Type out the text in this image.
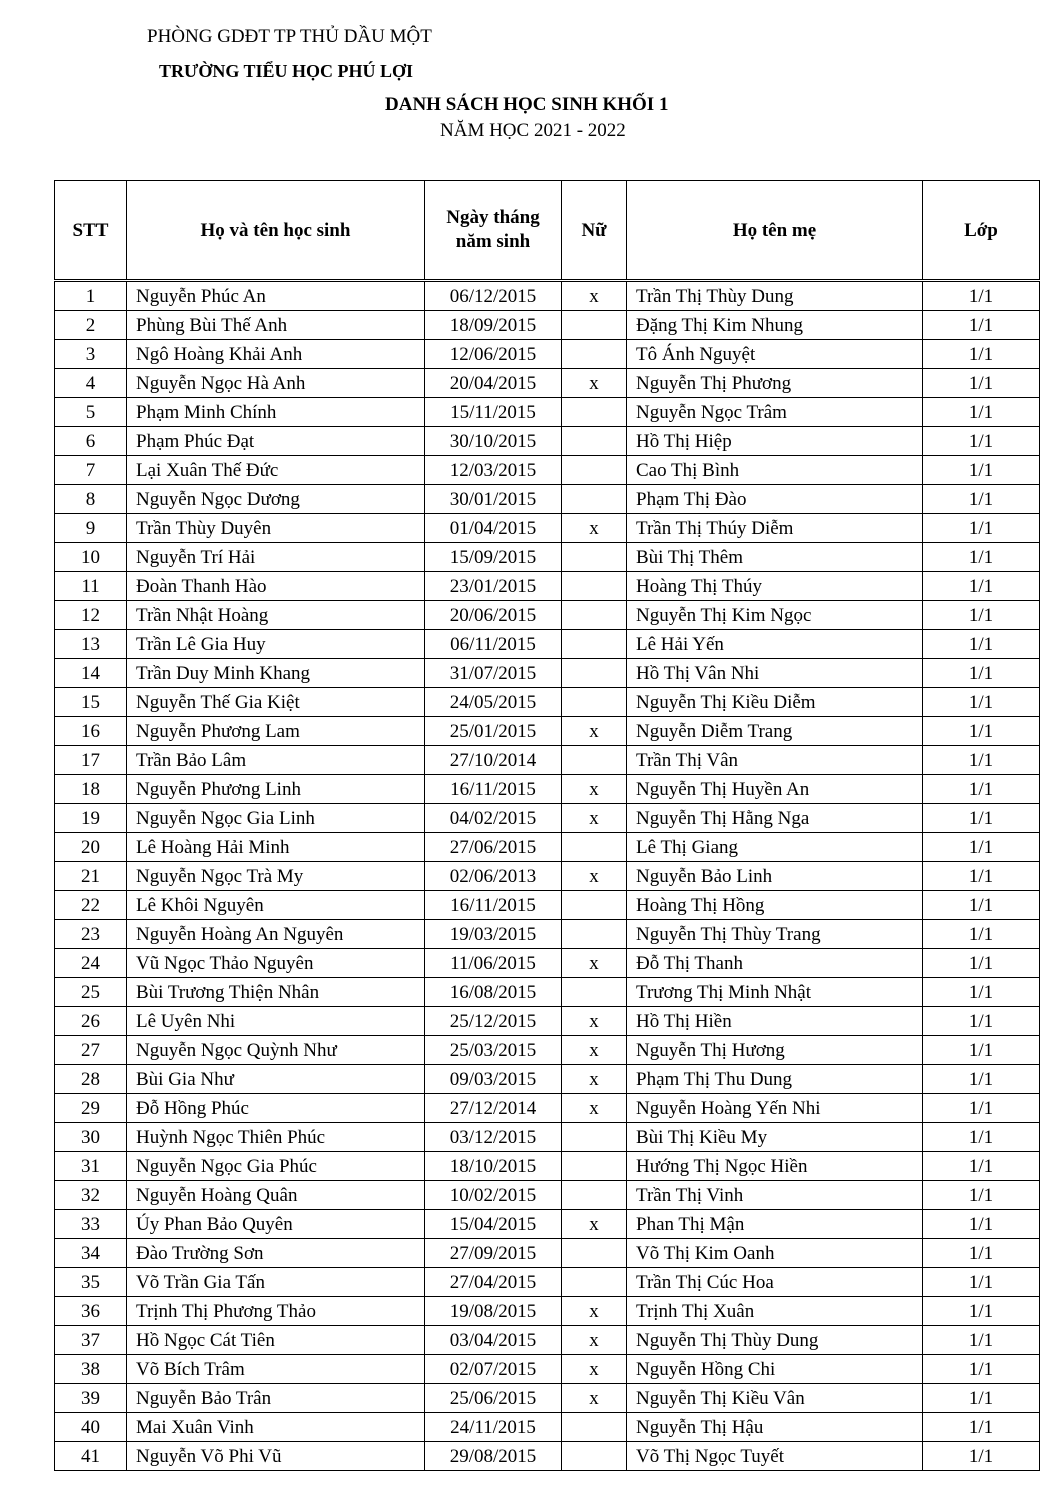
PHÒNG GDĐT TP THỦ DẦU MỘT
TRƯỜNG TIỂU HỌC PHÚ LỢI
DANH SÁCH HỌC SINH KHỐI 1
NĂM HỌC 2021 - 2022
STT	Họ và tên học sinh	Ngày tháng
năm sinh	Nữ	Họ tên mẹ	Lớp
1	Nguyễn Phúc An	06/12/2015	x	Trần Thị Thùy Dung	1/1
2	Phùng Bùi Thế Anh	18/09/2015		Đặng Thị Kim Nhung	1/1
3	Ngô Hoàng Khải Anh	12/06/2015		Tô Ánh Nguyệt	1/1
4	Nguyễn Ngọc Hà Anh	20/04/2015	x	Nguyễn Thị Phương	1/1
5	Phạm Minh Chính	15/11/2015		Nguyễn Ngọc Trâm	1/1
6	Phạm Phúc Đạt	30/10/2015		Hồ Thị Hiệp	1/1
7	Lại Xuân Thế Đức	12/03/2015		Cao Thị Bình	1/1
8	Nguyễn Ngọc Dương	30/01/2015		Phạm Thị Đào	1/1
9	Trần Thùy Duyên	01/04/2015	x	Trần Thị Thúy Diễm	1/1
10	Nguyễn Trí Hải	15/09/2015		Bùi Thị Thêm	1/1
11	Đoàn Thanh Hào	23/01/2015		Hoàng Thị Thúy	1/1
12	Trần Nhật Hoàng	20/06/2015		Nguyễn Thị Kim Ngọc	1/1
13	Trần Lê Gia Huy	06/11/2015		Lê Hải Yến	1/1
14	Trần Duy Minh Khang	31/07/2015		Hồ Thị Vân Nhi	1/1
15	Nguyễn Thế Gia Kiệt	24/05/2015		Nguyễn Thị Kiều Diễm	1/1
16	Nguyễn Phương Lam	25/01/2015	x	Nguyễn Diễm Trang	1/1
17	Trần Bảo Lâm	27/10/2014		Trần Thị Vân	1/1
18	Nguyễn Phương Linh	16/11/2015	x	Nguyễn Thị Huyền An	1/1
19	Nguyễn Ngọc Gia Linh	04/02/2015	x	Nguyễn Thị Hằng Nga	1/1
20	Lê Hoàng Hải Minh	27/06/2015		Lê Thị Giang	1/1
21	Nguyễn Ngọc Trà My	02/06/2013	x	Nguyễn Bảo Linh	1/1
22	Lê Khôi Nguyên	16/11/2015		Hoàng Thị Hồng	1/1
23	Nguyễn Hoàng An Nguyên	19/03/2015		Nguyễn Thị Thùy Trang	1/1
24	Vũ Ngọc Thảo Nguyên	11/06/2015	x	Đỗ Thị Thanh	1/1
25	Bùi Trương Thiện Nhân	16/08/2015		Trương Thị Minh Nhật	1/1
26	Lê Uyên Nhi	25/12/2015	x	Hồ Thị Hiền	1/1
27	Nguyễn Ngọc Quỳnh Như	25/03/2015	x	Nguyễn Thị Hương	1/1
28	Bùi Gia Như	09/03/2015	x	Phạm Thị Thu Dung	1/1
29	Đỗ Hồng Phúc	27/12/2014	x	Nguyễn Hoàng Yến Nhi	1/1
30	Huỳnh Ngọc Thiên Phúc	03/12/2015		Bùi Thị Kiều My	1/1
31	Nguyễn Ngọc Gia Phúc	18/10/2015		Hướng Thị Ngọc Hiền	1/1
32	Nguyễn Hoàng Quân	10/02/2015		Trần Thị Vinh	1/1
33	Úy Phan Bảo Quyên	15/04/2015	x	Phan Thị Mận	1/1
34	Đào Trường Sơn	27/09/2015		Võ Thị Kim Oanh	1/1
35	Võ Trần Gia Tấn	27/04/2015		Trần Thị Cúc Hoa	1/1
36	Trịnh Thị Phương Thảo	19/08/2015	x	Trịnh Thị Xuân	1/1
37	Hồ Ngọc Cát Tiên	03/04/2015	x	Nguyễn Thị Thùy Dung	1/1
38	Võ Bích Trâm	02/07/2015	x	Nguyễn Hồng Chi	1/1
39	Nguyễn Bảo Trân	25/06/2015	x	Nguyễn Thị Kiều Vân	1/1
40	Mai Xuân Vinh	24/11/2015		Nguyễn Thị Hậu	1/1
41	Nguyễn Võ Phi Vũ	29/08/2015		Võ Thị Ngọc Tuyết	1/1
